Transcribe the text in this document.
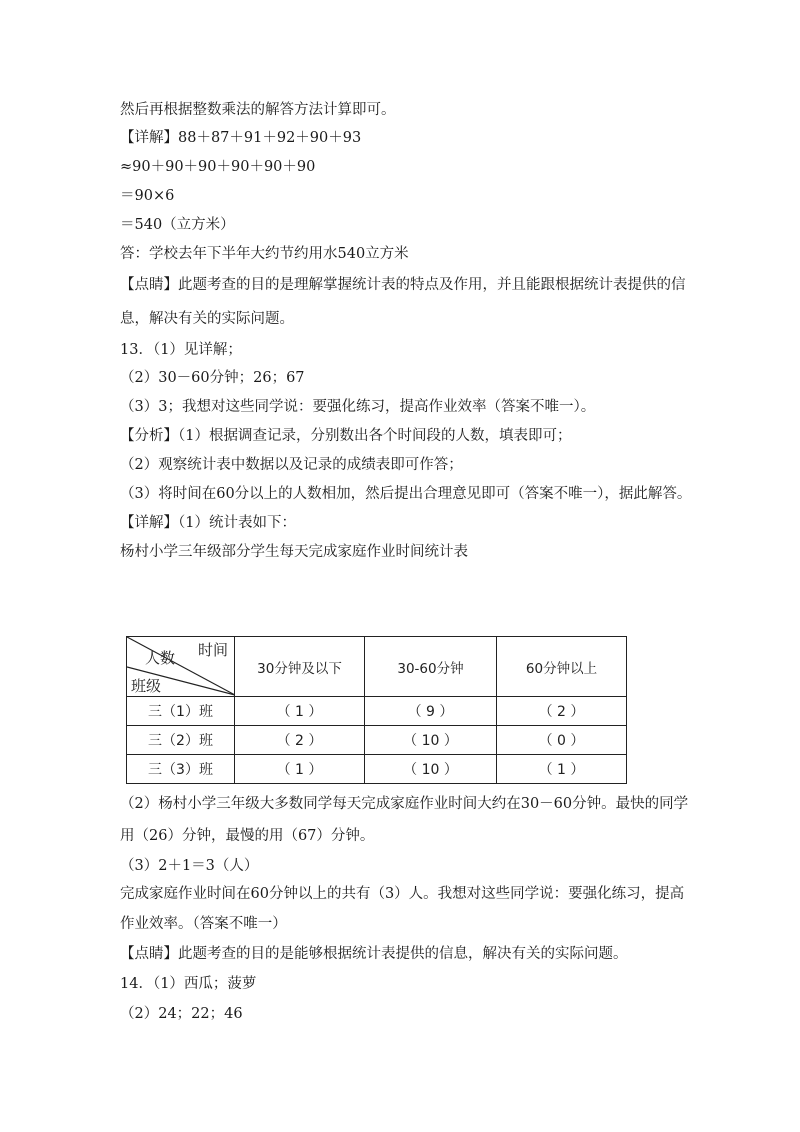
然后再根据整数乘法的解答方法计算即可。
【详解】88＋87＋91＋92＋90＋93
≈90＋90＋90＋90＋90＋90
＝90×6
＝540（立方米）
答：学校去年下半年大约节约用水540立方米
【点睛】此题考查的目的是理解掌握统计表的特点及作用，并且能跟根据统计表提供的信
息，解决有关的实际问题。
13．（1）见详解；
（2）30－60分钟；26；67
（3）3；我想对这些同学说：要强化练习，提高作业效率（答案不唯一）。
【分析】（1）根据调查记录，分别数出各个时间段的人数，填表即可；
（2）观察统计表中数据以及记录的成绩表即可作答；
（3）将时间在60分以上的人数相加，然后提出合理意见即可（答案不唯一），据此解答。
【详解】（1）统计表如下：
杨村小学三年级部分学生每天完成家庭作业时间统计表
（2）杨村小学三年级大多数同学每天完成家庭作业时间大约在30－60分钟。最快的同学
用（26）分钟，最慢的用（67）分钟。
（3）2＋1＝3（人）
完成家庭作业时间在60分钟以上的共有（3）人。我想对这些同学说：要强化练习，提高
作业效率。（答案不唯一）
【点睛】此题考查的目的是能够根据统计表提供的信息，解决有关的实际问题。
14．（1）西瓜；菠萝
（2）24；22；46
时间
人数
班级	30分钟及以下	30-60分钟	60分钟以上
三（1）班	（ 1 ）	（ 9 ）	（ 2 ）
三（2）班	（ 2 ）	（ 10 ）	（ 0 ）
三（3）班	（ 1 ）	（ 10 ）	（ 1 ）
